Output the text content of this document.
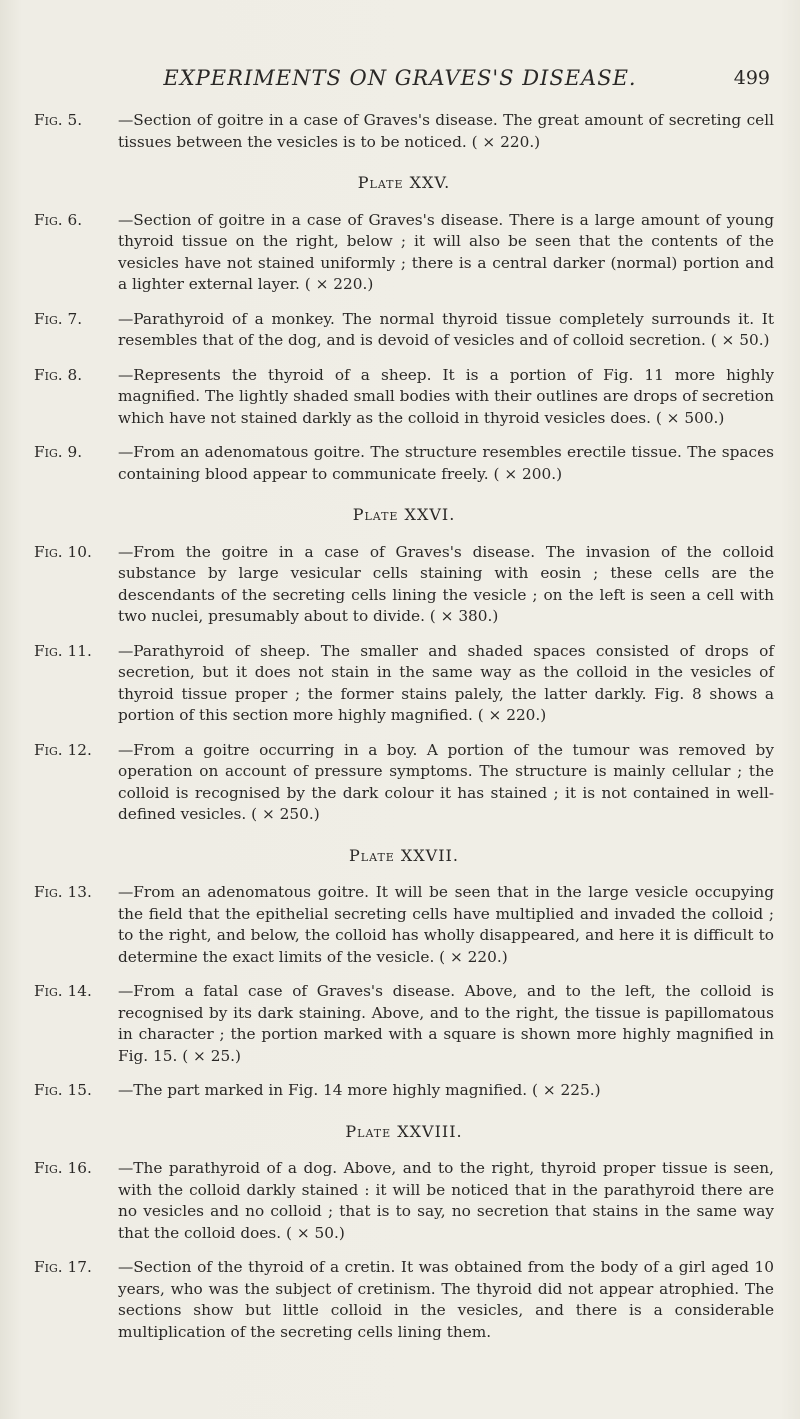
EXPERIMENTS ON GRAVES'S DISEASE.	499
Fig. 5.	—Section of goitre in a case of Graves's disease. The great amount of secreting cell tissues between the vesicles is to be noticed. ( × 220.)
Plate XXV.
Fig. 6.	—Section of goitre in a case of Graves's disease. There is a large amount of young thyroid tissue on the right, below ; it will also be seen that the contents of the vesicles have not stained uniformly ; there is a central darker (normal) portion and a lighter external layer. ( × 220.)
Fig. 7.	—Parathyroid of a monkey. The normal thyroid tissue completely surrounds it. It resembles that of the dog, and is devoid of vesicles and of colloid secretion. ( × 50.)
Fig. 8.	—Represents the thyroid of a sheep. It is a portion of Fig. 11 more highly magnified. The lightly shaded small bodies with their outlines are drops of secretion which have not stained darkly as the colloid in thyroid vesicles does. ( × 500.)
Fig. 9.	—From an adenomatous goitre. The structure resembles erectile tissue. The spaces containing blood appear to communicate freely. ( × 200.)
Plate XXVI.
Fig. 10.	—From the goitre in a case of Graves's disease. The invasion of the colloid substance by large vesicular cells staining with eosin ; these cells are the descendants of the secreting cells lining the vesicle ; on the left is seen a cell with two nuclei, presumably about to divide. ( × 380.)
Fig. 11.	—Parathyroid of sheep. The smaller and shaded spaces consisted of drops of secretion, but it does not stain in the same way as the colloid in the vesicles of thyroid tissue proper ; the former stains palely, the latter darkly. Fig. 8 shows a portion of this section more highly magnified. ( × 220.)
Fig. 12.	—From a goitre occurring in a boy. A portion of the tumour was removed by operation on account of pressure symptoms. The structure is mainly cellular ; the colloid is recognised by the dark colour it has stained ; it is not contained in well-defined vesicles. ( × 250.)
Plate XXVII.
Fig. 13.	—From an adenomatous goitre. It will be seen that in the large vesicle occupying the field that the epithelial secreting cells have multiplied and invaded the colloid ; to the right, and below, the colloid has wholly disappeared, and here it is difficult to determine the exact limits of the vesicle. ( × 220.)
Fig. 14.	—From a fatal case of Graves's disease. Above, and to the left, the colloid is recognised by its dark staining. Above, and to the right, the tissue is papillomatous in character ; the portion marked with a square is shown more highly magnified in Fig. 15. ( × 25.)
Fig. 15.	—The part marked in Fig. 14 more highly magnified. ( × 225.)
Plate XXVIII.
Fig. 16.	—The parathyroid of a dog. Above, and to the right, thyroid proper tissue is seen, with the colloid darkly stained : it will be noticed that in the parathyroid there are no vesicles and no colloid ; that is to say, no secretion that stains in the same way that the colloid does. ( × 50.)
Fig. 17.	—Section of the thyroid of a cretin. It was obtained from the body of a girl aged 10 years, who was the subject of cretinism. The thyroid did not appear atrophied. The sections show but little colloid in the vesicles, and there is a considerable multiplication of the secreting cells lining them.
